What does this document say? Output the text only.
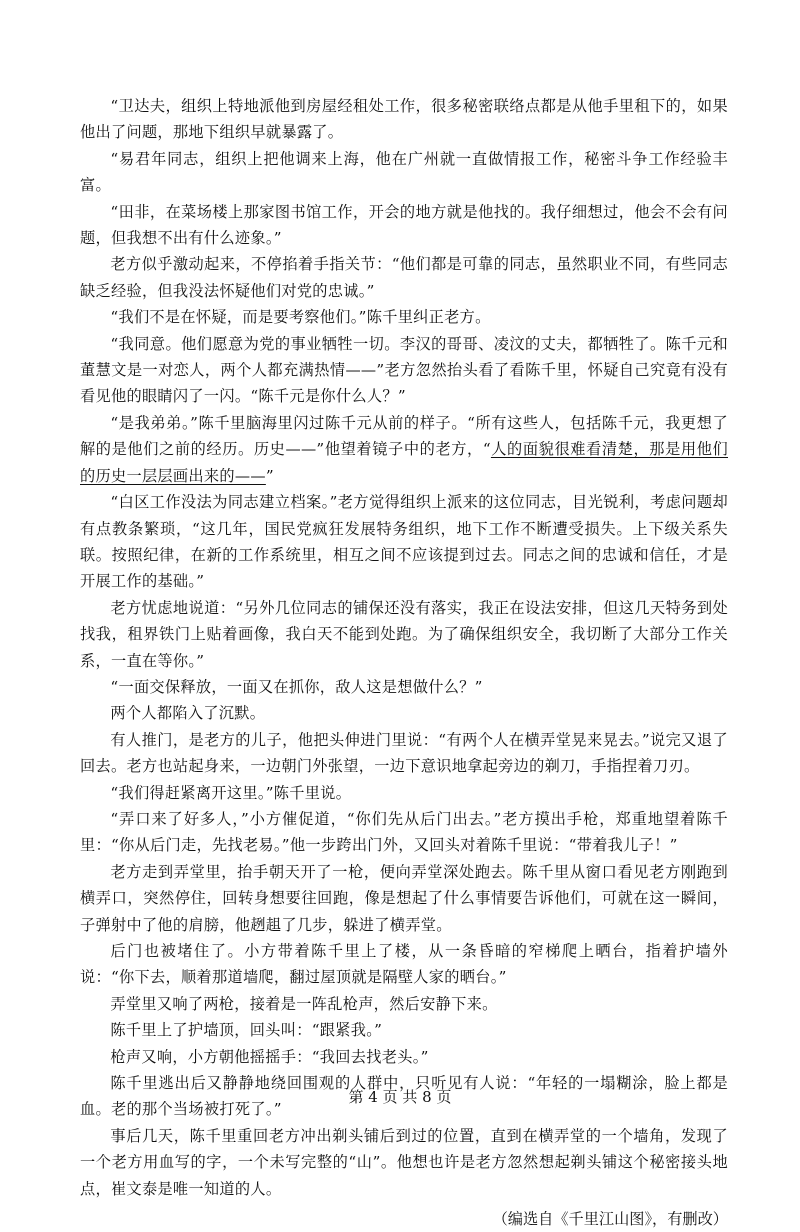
“卫达夫，组织上特地派他到房屋经租处工作，很多秘密联络点都是从他手里租下的，如果他出了问题，那地下组织早就暴露了。

“易君年同志，组织上把他调来上海，他在广州就一直做情报工作，秘密斗争工作经验丰富。

“田非，在菜场楼上那家图书馆工作，开会的地方就是他找的。我仔细想过，他会不会有问题，但我想不出有什么迹象。”

老方似乎激动起来，不停掐着手指关节：“他们都是可靠的同志，虽然职业不同，有些同志缺乏经验，但我没法怀疑他们对党的忠诚。”

“我们不是在怀疑，而是要考察他们。”陈千里纠正老方。

“我同意。他们愿意为党的事业牺牲一切。李汉的哥哥、凌汶的丈夫，都牺牲了。陈千元和董慧文是一对恋人，两个人都充满热情——”老方忽然抬头看了看陈千里，怀疑自己究竟有没有看见他的眼睛闪了一闪。“陈千元是你什么人？”

“是我弟弟。”陈千里脑海里闪过陈千元从前的样子。“所有这些人，包括陈千元，我更想了解的是他们之前的经历。历史——”他望着镜子中的老方，“人的面貌很难看清楚，那是用他们的历史一层层画出来的——”

“白区工作没法为同志建立档案。”老方觉得组织上派来的这位同志，目光锐利，考虑问题却有点教条繁琐，“这几年，国民党疯狂发展特务组织，地下工作不断遭受损失。上下级关系失联。按照纪律，在新的工作系统里，相互之间不应该提到过去。同志之间的忠诚和信任，才是开展工作的基础。”

老方忧虑地说道：“另外几位同志的铺保还没有落实，我正在设法安排，但这几天特务到处找我，租界铁门上贴着画像，我白天不能到处跑。为了确保组织安全，我切断了大部分工作关系，一直在等你。”

“一面交保释放，一面又在抓你，敌人这是想做什么？”

两个人都陷入了沉默。

有人推门，是老方的儿子，他把头伸进门里说：“有两个人在横弄堂晃来晃去。”说完又退了回去。老方也站起身来，一边朝门外张望，一边下意识地拿起旁边的剃刀，手指捏着刀刃。

“我们得赶紧离开这里。”陈千里说。

“弄口来了好多人，”小方催促道，“你们先从后门出去。”老方摸出手枪，郑重地望着陈千里：“你从后门走，先找老易。”他一步跨出门外，又回头对着陈千里说：“带着我儿子！”

老方走到弄堂里，抬手朝天开了一枪，便向弄堂深处跑去。陈千里从窗口看见老方刚跑到横弄口，突然停住，回转身想要往回跑，像是想起了什么事情要告诉他们，可就在这一瞬间，子弹射中了他的肩膀，他趔趄了几步，躲进了横弄堂。

后门也被堵住了。小方带着陈千里上了楼，从一条昏暗的窄梯爬上晒台，指着护墙外说：“你下去，顺着那道墙爬，翻过屋顶就是隔壁人家的晒台。”

弄堂里又响了两枪，接着是一阵乱枪声，然后安静下来。

陈千里上了护墙顶，回头叫：“跟紧我。”

枪声又响，小方朝他摇摇手：“我回去找老头。”

陈千里逃出后又静静地绕回围观的人群中，只听见有人说：“年轻的一塌糊涂，脸上都是血。老的那个当场被打死了。”

事后几天，陈千里重回老方冲出剃头铺后到过的位置，直到在横弄堂的一个墙角，发现了一个老方用血写的字，一个未写完整的“山”。他想也许是老方忽然想起剃头铺这个秘密接头地点，崔文泰是唯一知道的人。

（编选自《千里江山图》，有删改）

第 4 页 共 8 页
